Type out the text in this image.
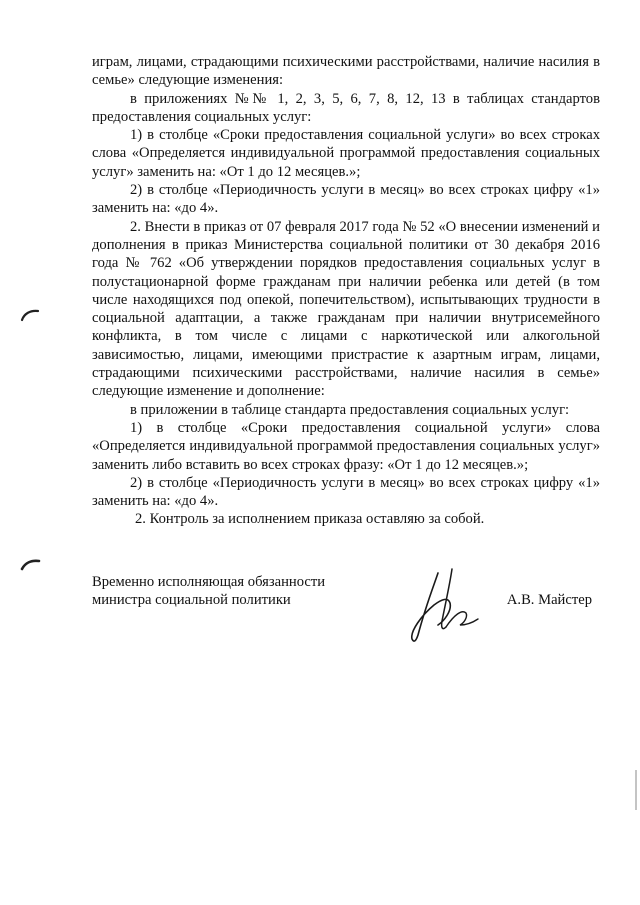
играм, лицами, страдающими психическими расстройствами, наличие насилия в семье» следующие изменения:

в приложениях №№ 1, 2, 3, 5, 6, 7, 8, 12, 13 в таблицах стандартов предоставления социальных услуг:

1) в столбце «Сроки предоставления социальной услуги» во всех строках слова «Определяется индивидуальной программой предоставления социальных услуг» заменить на: «От 1 до 12 месяцев.»;

2) в столбце «Периодичность услуги в месяц» во всех строках цифру «1» заменить на: «до 4».

2. Внести в приказ от 07 февраля 2017 года № 52 «О внесении изменений и дополнения в приказ Министерства социальной политики от 30 декабря 2016 года № 762 «Об утверждении порядков предоставления социальных услуг в полустационарной форме гражданам при наличии ребенка или детей (в том числе находящихся под опекой, попечительством), испытывающих трудности в социальной адаптации, а также гражданам при наличии внутрисемейного конфликта, в том числе с лицами с наркотической или алкогольной зависимостью, лицами, имеющими пристрастие к азартным играм, лицами, страдающими психическими расстройствами, наличие насилия в семье» следующие изменение и дополнение:

в приложении в таблице стандарта предоставления социальных услуг:

1) в столбце «Сроки предоставления социальной услуги» слова «Определяется индивидуальной программой предоставления социальных услуг» заменить либо вставить во всех строках фразу: «От 1 до 12 месяцев.»;

2) в столбце «Периодичность услуги в месяц» во всех строках цифру «1» заменить на: «до 4».

2. Контроль за исполнением приказа оставляю за собой.

Временно исполняющая обязанности
министра социальной политики	А.В. Майстер
